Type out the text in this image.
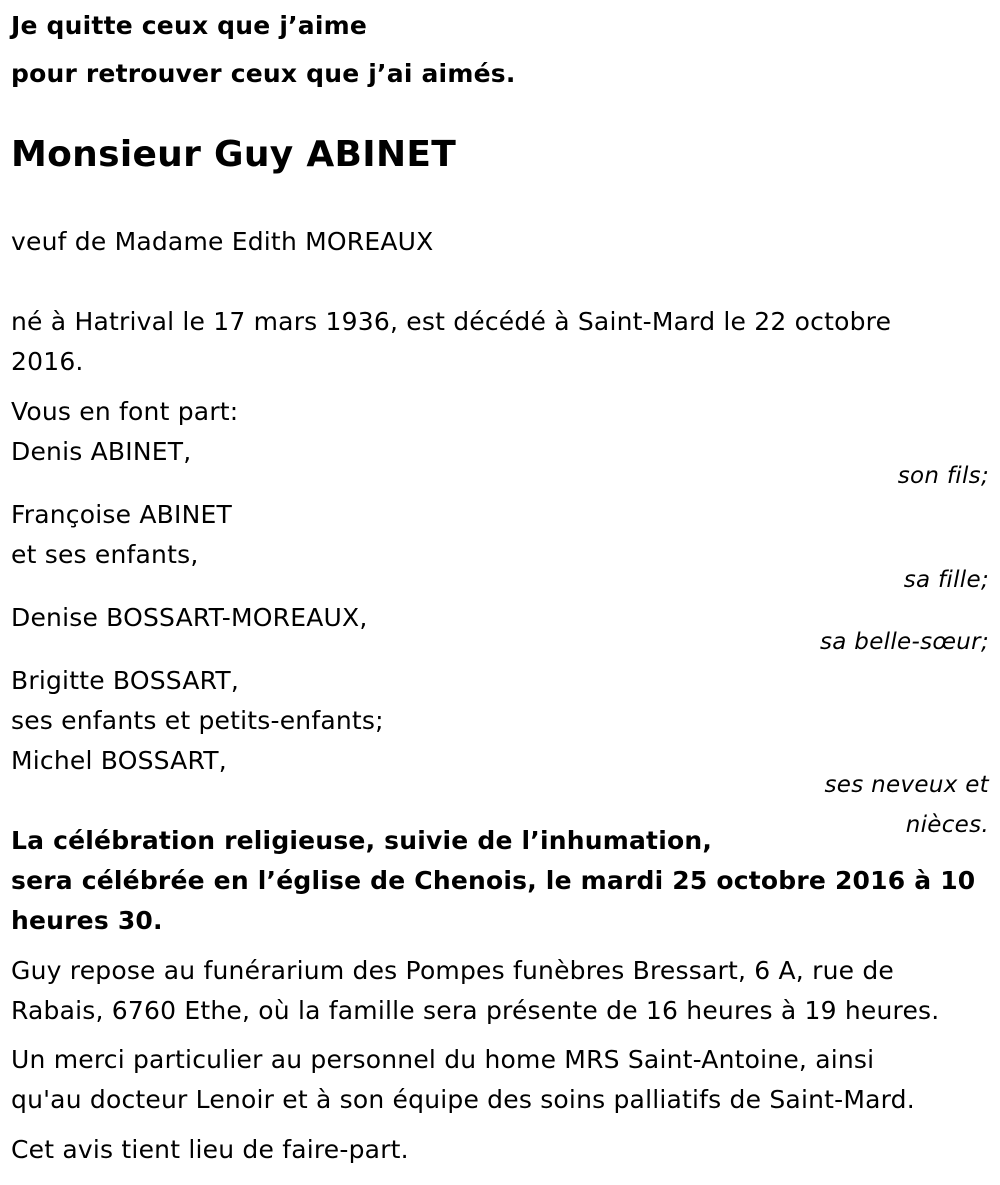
Je quitte ceux que j’aime
pour retrouver ceux que j’ai aimés.
Monsieur Guy ABINET
veuf de Madame Edith MOREAUX
né à Hatrival le 17 mars 1936, est décédé à Saint-Mard le 22 octobre
2016.
Vous en font part:
Denis ABINET,
son fils;
Françoise ABINET
et ses enfants,
sa fille;
Denise BOSSART-MOREAUX,
sa belle-sœur;
Brigitte BOSSART,
ses enfants et petits-enfants;
Michel BOSSART,
ses neveux et
nièces.
La célébration religieuse, suivie de l’inhumation,
sera célébrée en l’église de Chenois, le mardi 25 octobre 2016 à 10
heures 30.
Guy repose au funérarium des Pompes funèbres Bressart, 6 A, rue de
Rabais, 6760 Ethe, où la famille sera présente de 16 heures à 19 heures.
Un merci particulier au personnel du home MRS Saint-Antoine, ainsi
qu'au docteur Lenoir et à son équipe des soins palliatifs de Saint-Mard.
Cet avis tient lieu de faire-part.
